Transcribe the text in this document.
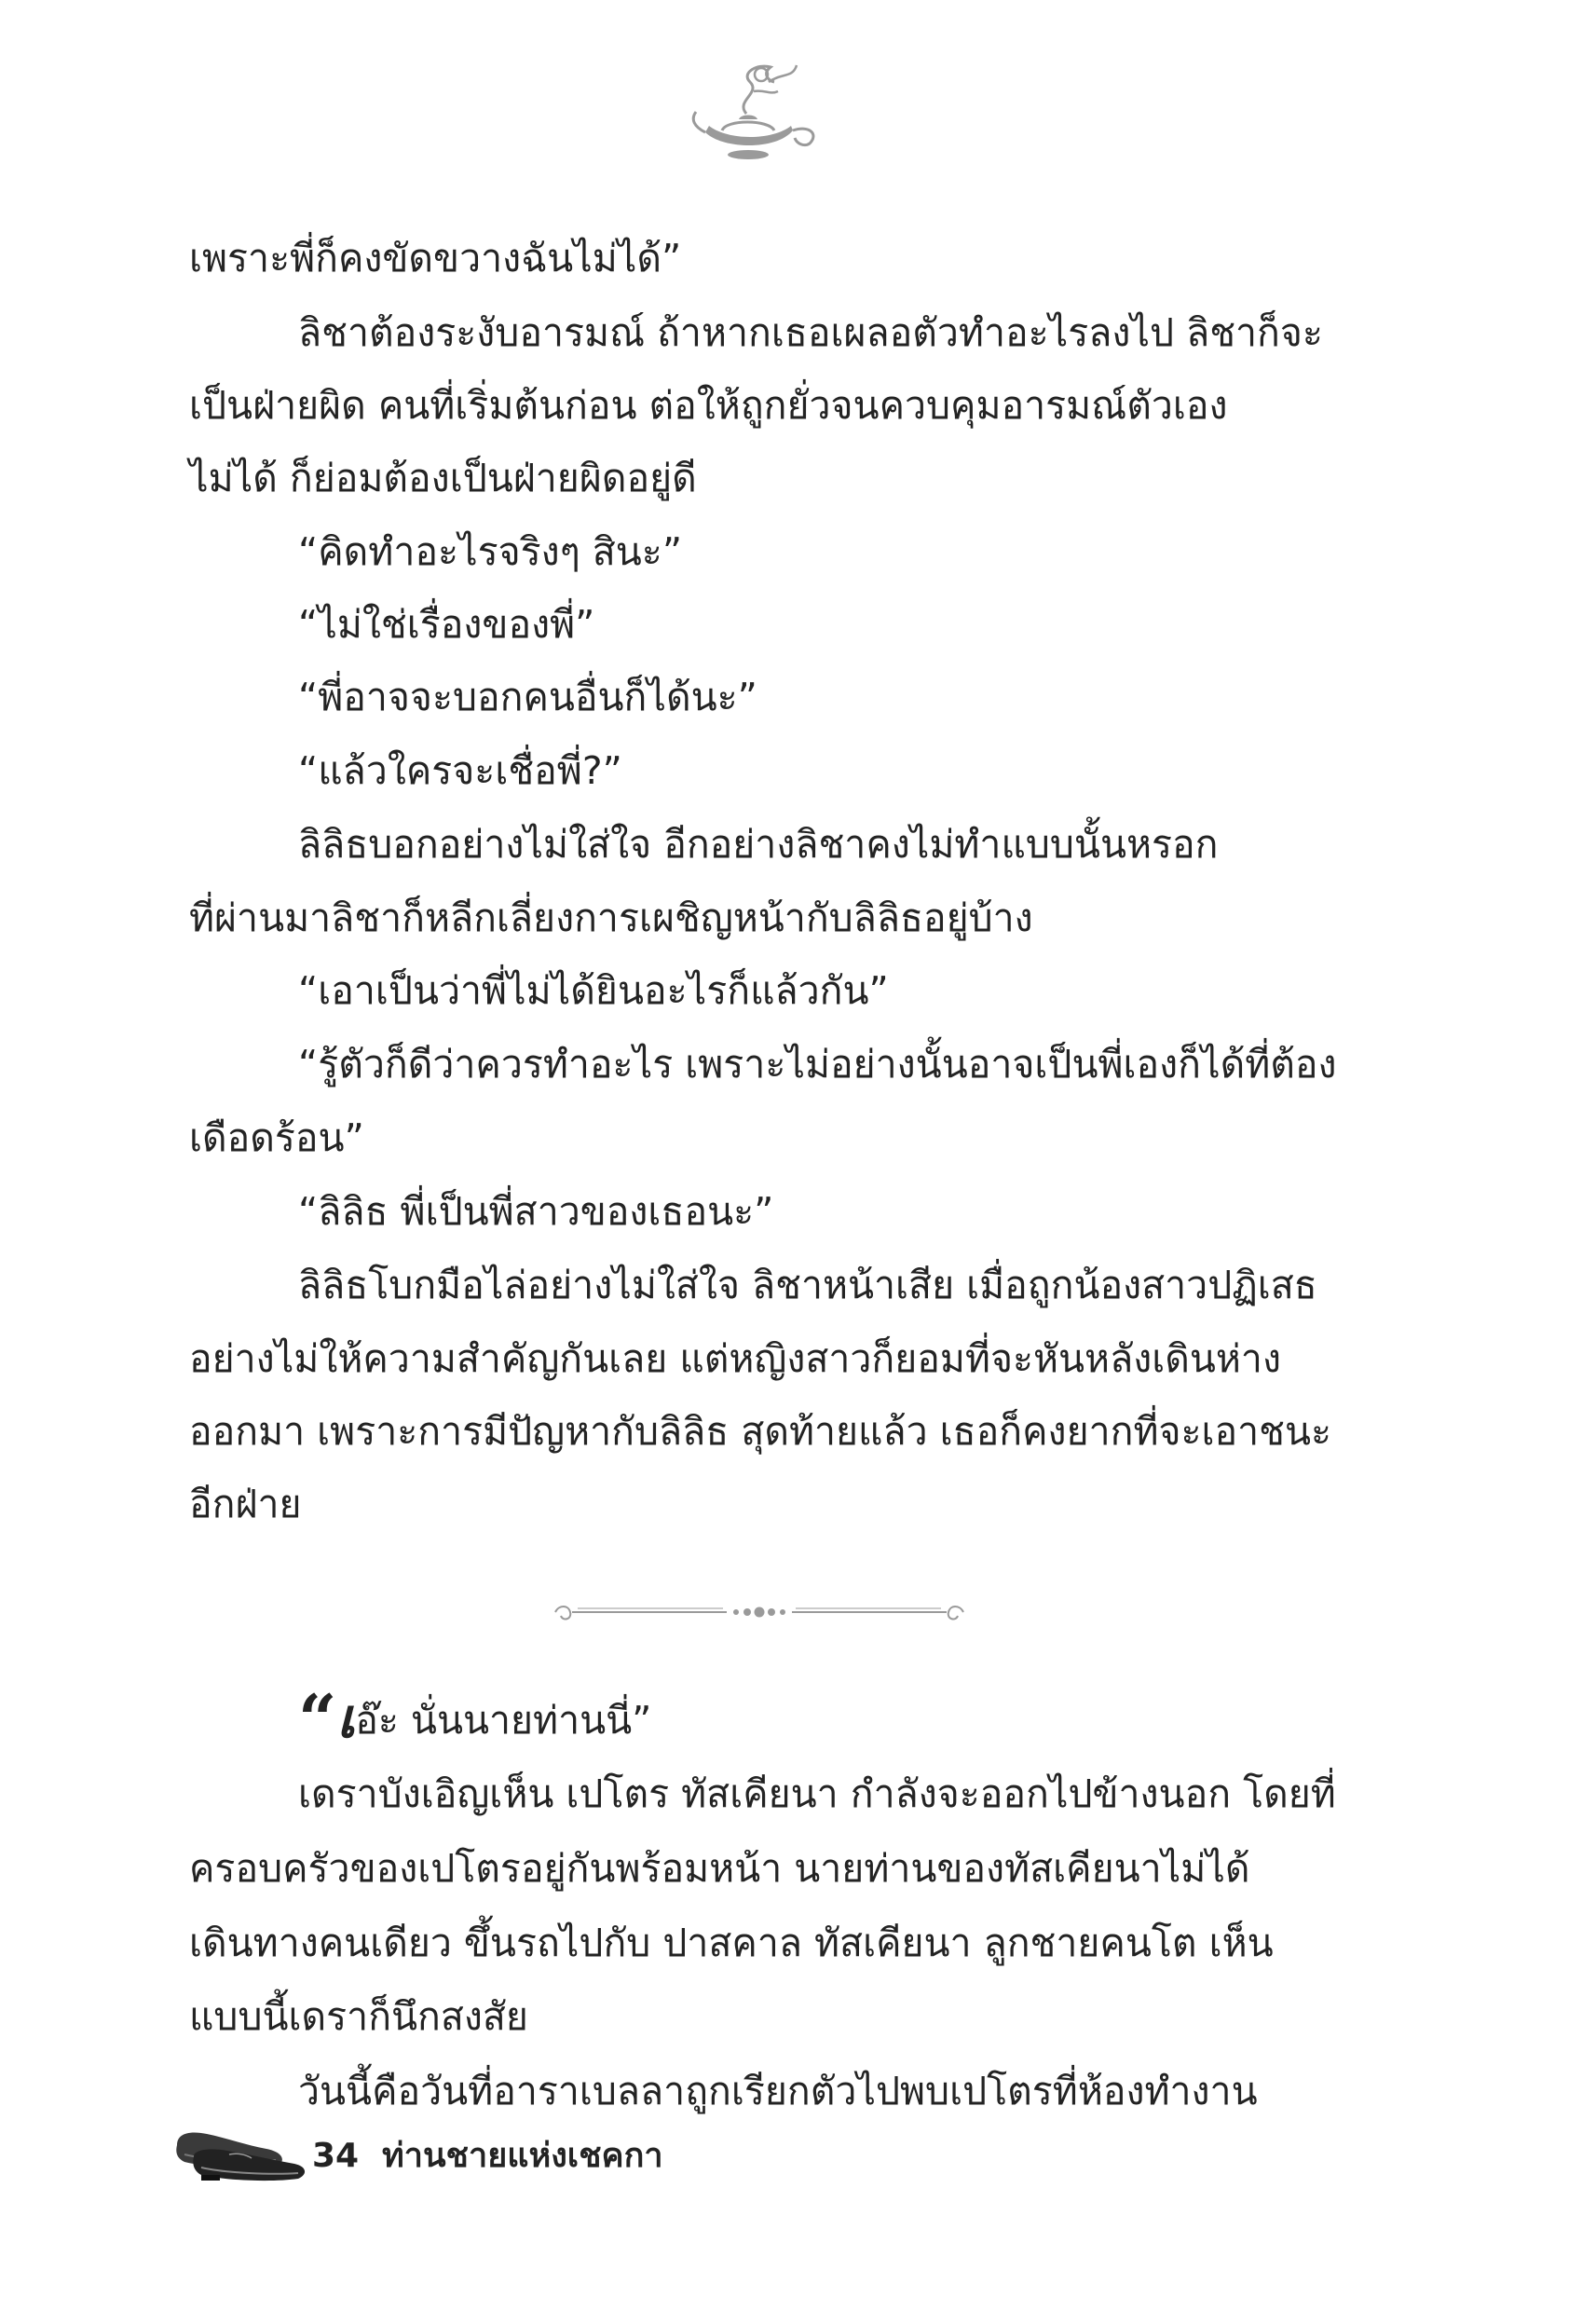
เพราะพี่ก็คงขัดขวางฉันไม่ได้”

ลิชาต้องระงับอารมณ์ ถ้าหากเธอเผลอตัวทำอะไรลงไป ลิชาก็จะ

เป็นฝ่ายผิด คนที่เริ่มต้นก่อน ต่อให้ถูกยั่วจนควบคุมอารมณ์ตัวเอง

ไม่ได้ ก็ย่อมต้องเป็นฝ่ายผิดอยู่ดี

“คิดทำอะไรจริงๆ สินะ”

“ไม่ใช่เรื่องของพี่”

“พี่อาจจะบอกคนอื่นก็ได้นะ”

“แล้วใครจะเชื่อพี่?”

ลิลิธบอกอย่างไม่ใส่ใจ อีกอย่างลิชาคงไม่ทำแบบนั้นหรอก

ที่ผ่านมาลิชาก็หลีกเลี่ยงการเผชิญหน้ากับลิลิธอยู่บ้าง

“เอาเป็นว่าพี่ไม่ได้ยินอะไรก็แล้วกัน”

“รู้ตัวก็ดีว่าควรทำอะไร เพราะไม่อย่างนั้นอาจเป็นพี่เองก็ได้ที่ต้อง

เดือดร้อน”

“ลิลิธ พี่เป็นพี่สาวของเธอนะ”

ลิลิธโบกมือไล่อย่างไม่ใส่ใจ ลิชาหน้าเสีย เมื่อถูกน้องสาวปฏิเสธ

อย่างไม่ให้ความสำคัญกันเลย แต่หญิงสาวก็ยอมที่จะหันหลังเดินห่าง

ออกมา เพราะการมีปัญหากับลิลิธ สุดท้ายแล้ว เธอก็คงยากที่จะเอาชนะ

อีกฝ่าย

“เอ๊ะ นั่นนายท่านนี่”

เดราบังเอิญเห็น เปโตร ทัสเคียนา กำลังจะออกไปข้างนอก โดยที่

ครอบครัวของเปโตรอยู่กันพร้อมหน้า นายท่านของทัสเคียนาไม่ได้

เดินทางคนเดียว ขึ้นรถไปกับ ปาสคาล ทัสเคียนา ลูกชายคนโต เห็น

แบบนี้เดราก็นึกสงสัย

วันนี้คือวันที่อาราเบลลาถูกเรียกตัวไปพบเปโตรที่ห้องทำงาน

34 ท่านชายแห่งเชคกา
